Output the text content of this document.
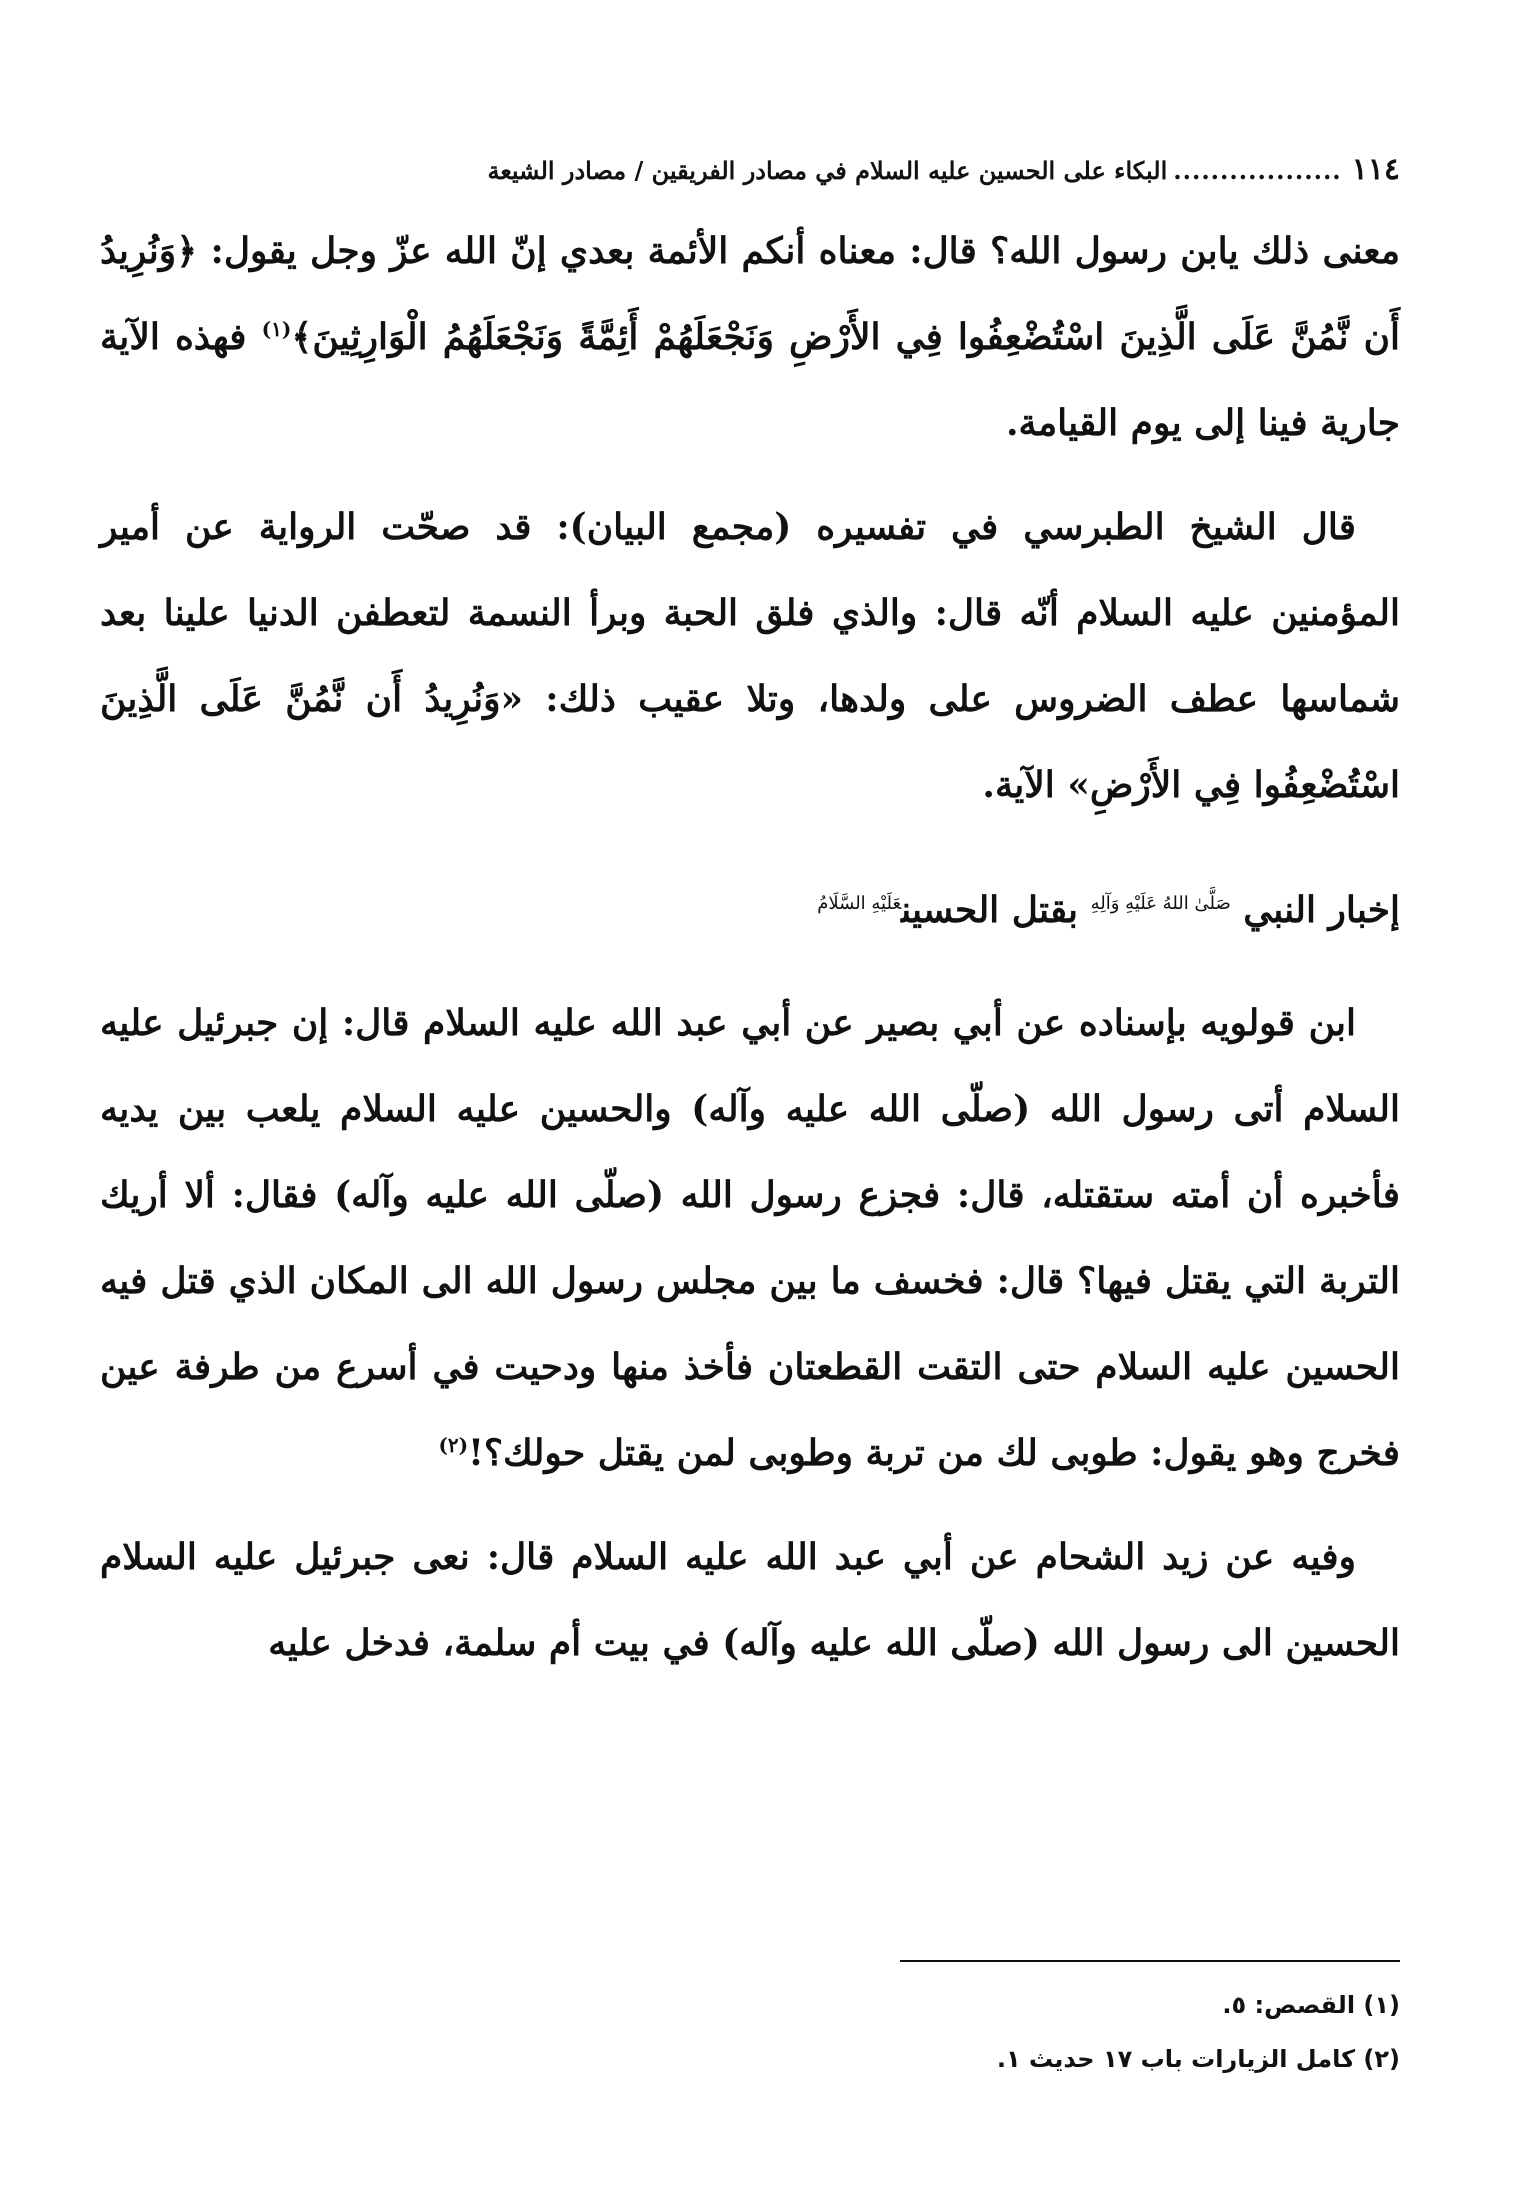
١١٤
..................
البكاء على الحسين عليه السلام في مصادر الفريقين / مصادر الشيعة

معنى ذلك يابن رسول الله؟ قال: معناه أنكم الأئمة بعدي إنّ الله عزّ وجل يقول: ﴿وَنُرِيدُ أَن نَّمُنَّ عَلَى الَّذِينَ اسْتُضْعِفُوا فِي الأَرْضِ وَنَجْعَلَهُمْ أَئِمَّةً وَنَجْعَلَهُمُ الْوَارِثِينَ﴾$^{(١)}$ فهذه الآية جارية فينا إلى يوم القيامة.

قال الشيخ الطبرسي في تفسيره (مجمع البيان): قد صحّت الرواية عن أمير المؤمنين عليه السلام أنّه قال: والذي فلق الحبة وبرأ النسمة لتعطفن الدنيا علينا بعد شماسها عطف الضروس على ولدها، وتلا عقيب ذلك: «وَنُرِيدُ أَن نَّمُنَّ عَلَى الَّذِينَ اسْتُضْعِفُوا فِي الأَرْضِ» الآية.

إخبار النبي $^{صَلَّىٰ اللهُ عَلَيْهِ وَآلِهِ}$ بقتل الحسين$^{عَلَيْهِ السَّلَامُ}$

ابن قولويه بإسناده عن أبي بصير عن أبي عبد الله عليه السلام قال: إن جبرئيل عليه السلام أتى رسول الله (صلّى الله عليه وآله) والحسين عليه السلام يلعب بين يديه فأخبره أن أمته ستقتله، قال: فجزع رسول الله (صلّى الله عليه وآله) فقال: ألا أريك التربة التي يقتل فيها؟ قال: فخسف ما بين مجلس رسول الله الى المكان الذي قتل فيه الحسين عليه السلام حتى التقت القطعتان فأخذ منها ودحيت في أسرع من طرفة عين فخرج وهو يقول: طوبى لك من تربة وطوبى لمن يقتل حولك؟!$^{(٢)}$

وفيه عن زيد الشحام عن أبي عبد الله عليه السلام قال: نعى جبرئيل عليه السلام الحسين الى رسول الله (صلّى الله عليه وآله) في بيت أم سلمة، فدخل عليه

(١) القصص: ٥.

(٢) كامل الزيارات باب ١٧ حديث ١.
